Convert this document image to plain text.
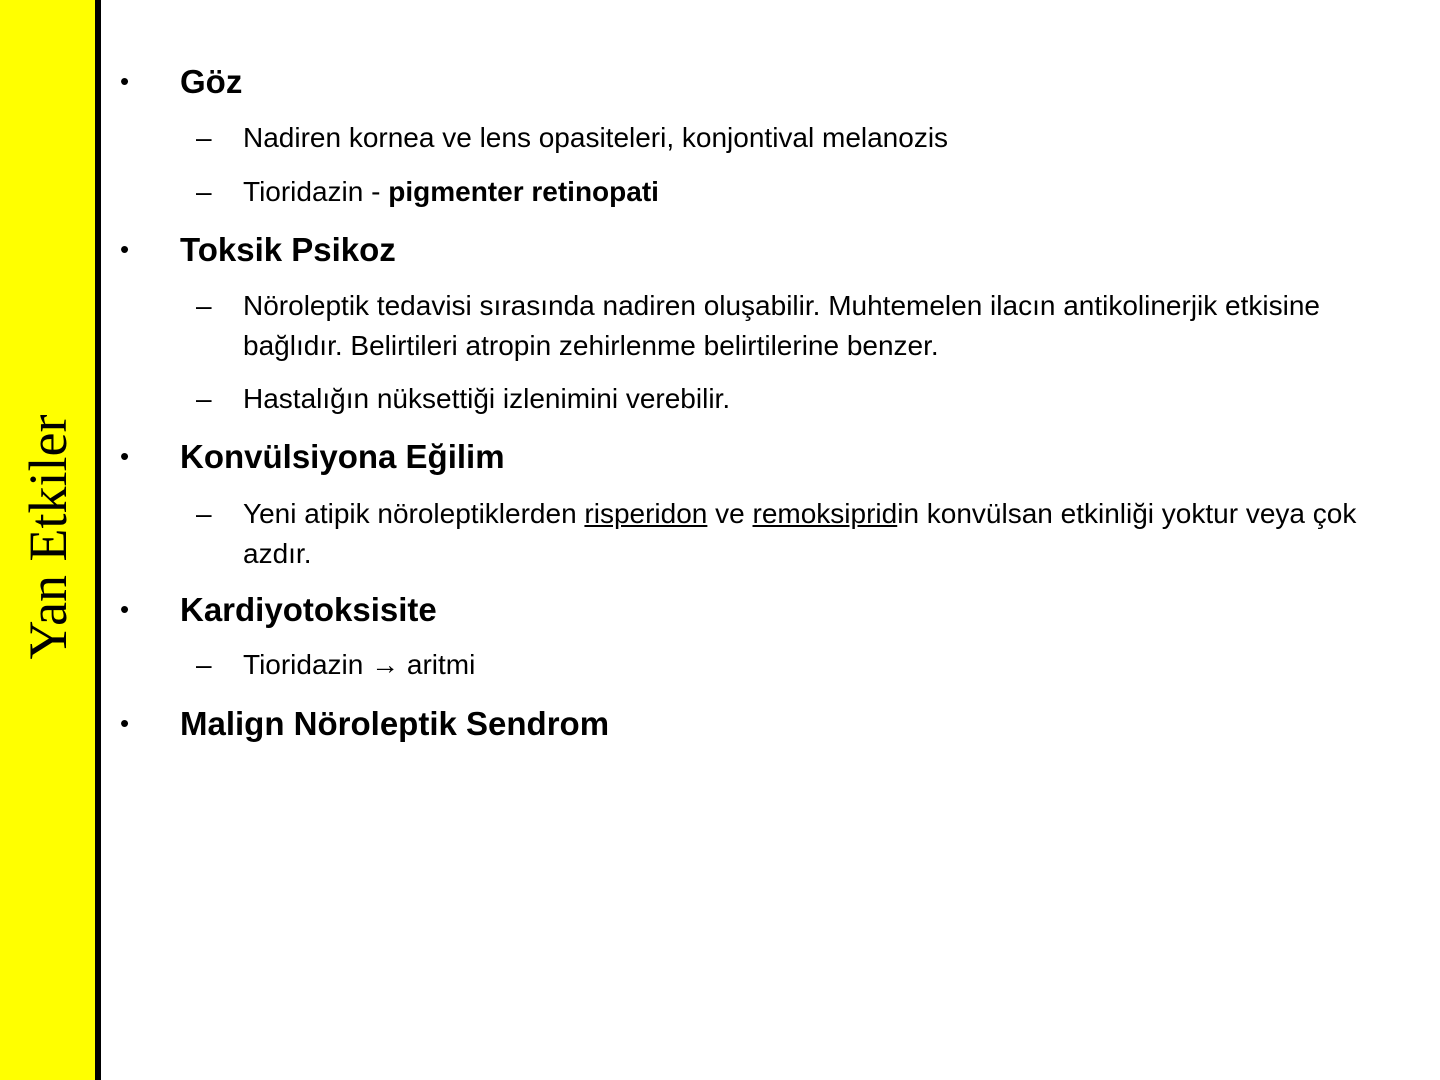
Yan Etkiler
• Göz
– Nadiren kornea ve lens opasiteleri, konjontival melanozis
– Tioridazin - pigmenter retinopati
• Toksik Psikoz
– Nöroleptik tedavisi sırasında nadiren oluşabilir. Muhtemelen ilacın antikolinerjik etkisine bağlıdır. Belirtileri atropin zehirlenme belirtilerine benzer.
– Hastalığın nüksettiği izlenimini verebilir.
• Konvülsiyona Eğilim
– Yeni atipik nöroleptiklerden risperidon ve remoksipridin konvülsan etkinliği yoktur veya çok azdır.
• Kardiyotoksisite
– Tioridazin → aritmi
• Malign Nöroleptik Sendrom
